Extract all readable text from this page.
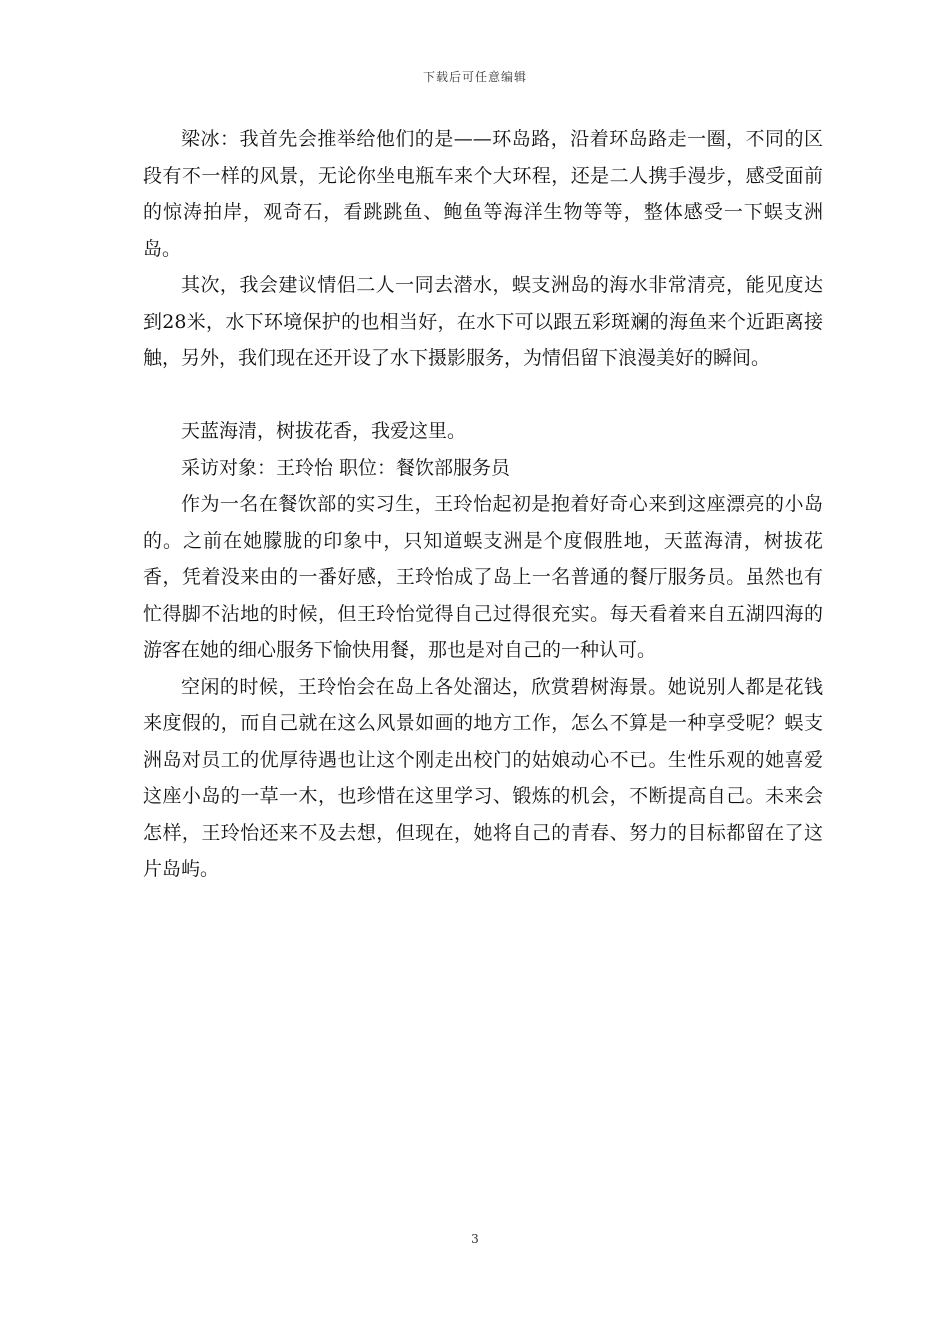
下载后可任意编辑

梁冰：我首先会推举给他们的是——环岛路，沿着环岛路走一圈，不同的区段有不一样的风景，无论你坐电瓶车来个大环程，还是二人携手漫步，感受面前的惊涛拍岸，观奇石，看跳跳鱼、鲍鱼等海洋生物等等，整体感受一下蜈支洲岛。

其次，我会建议情侣二人一同去潜水，蜈支洲岛的海水非常清亮，能见度达到28米，水下环境保护的也相当好，在水下可以跟五彩斑斓的海鱼来个近距离接触，另外，我们现在还开设了水下摄影服务，为情侣留下浪漫美好的瞬间。

天蓝海清，树拔花香，我爱这里。

采访对象：王玲怡 职位：餐饮部服务员

作为一名在餐饮部的实习生，王玲怡起初是抱着好奇心来到这座漂亮的小岛的。之前在她朦胧的印象中，只知道蜈支洲是个度假胜地，天蓝海清，树拔花香，凭着没来由的一番好感，王玲怡成了岛上一名普通的餐厅服务员。虽然也有忙得脚不沾地的时候，但王玲怡觉得自己过得很充实。每天看着来自五湖四海的游客在她的细心服务下愉快用餐，那也是对自己的一种认可。

空闲的时候，王玲怡会在岛上各处溜达，欣赏碧树海景。她说别人都是花钱来度假的，而自己就在这么风景如画的地方工作，怎么不算是一种享受呢？蜈支洲岛对员工的优厚待遇也让这个刚走出校门的姑娘动心不已。生性乐观的她喜爱这座小岛的一草一木，也珍惜在这里学习、锻炼的机会，不断提高自己。未来会怎样，王玲怡还来不及去想，但现在，她将自己的青春、努力的目标都留在了这片岛屿。

3
